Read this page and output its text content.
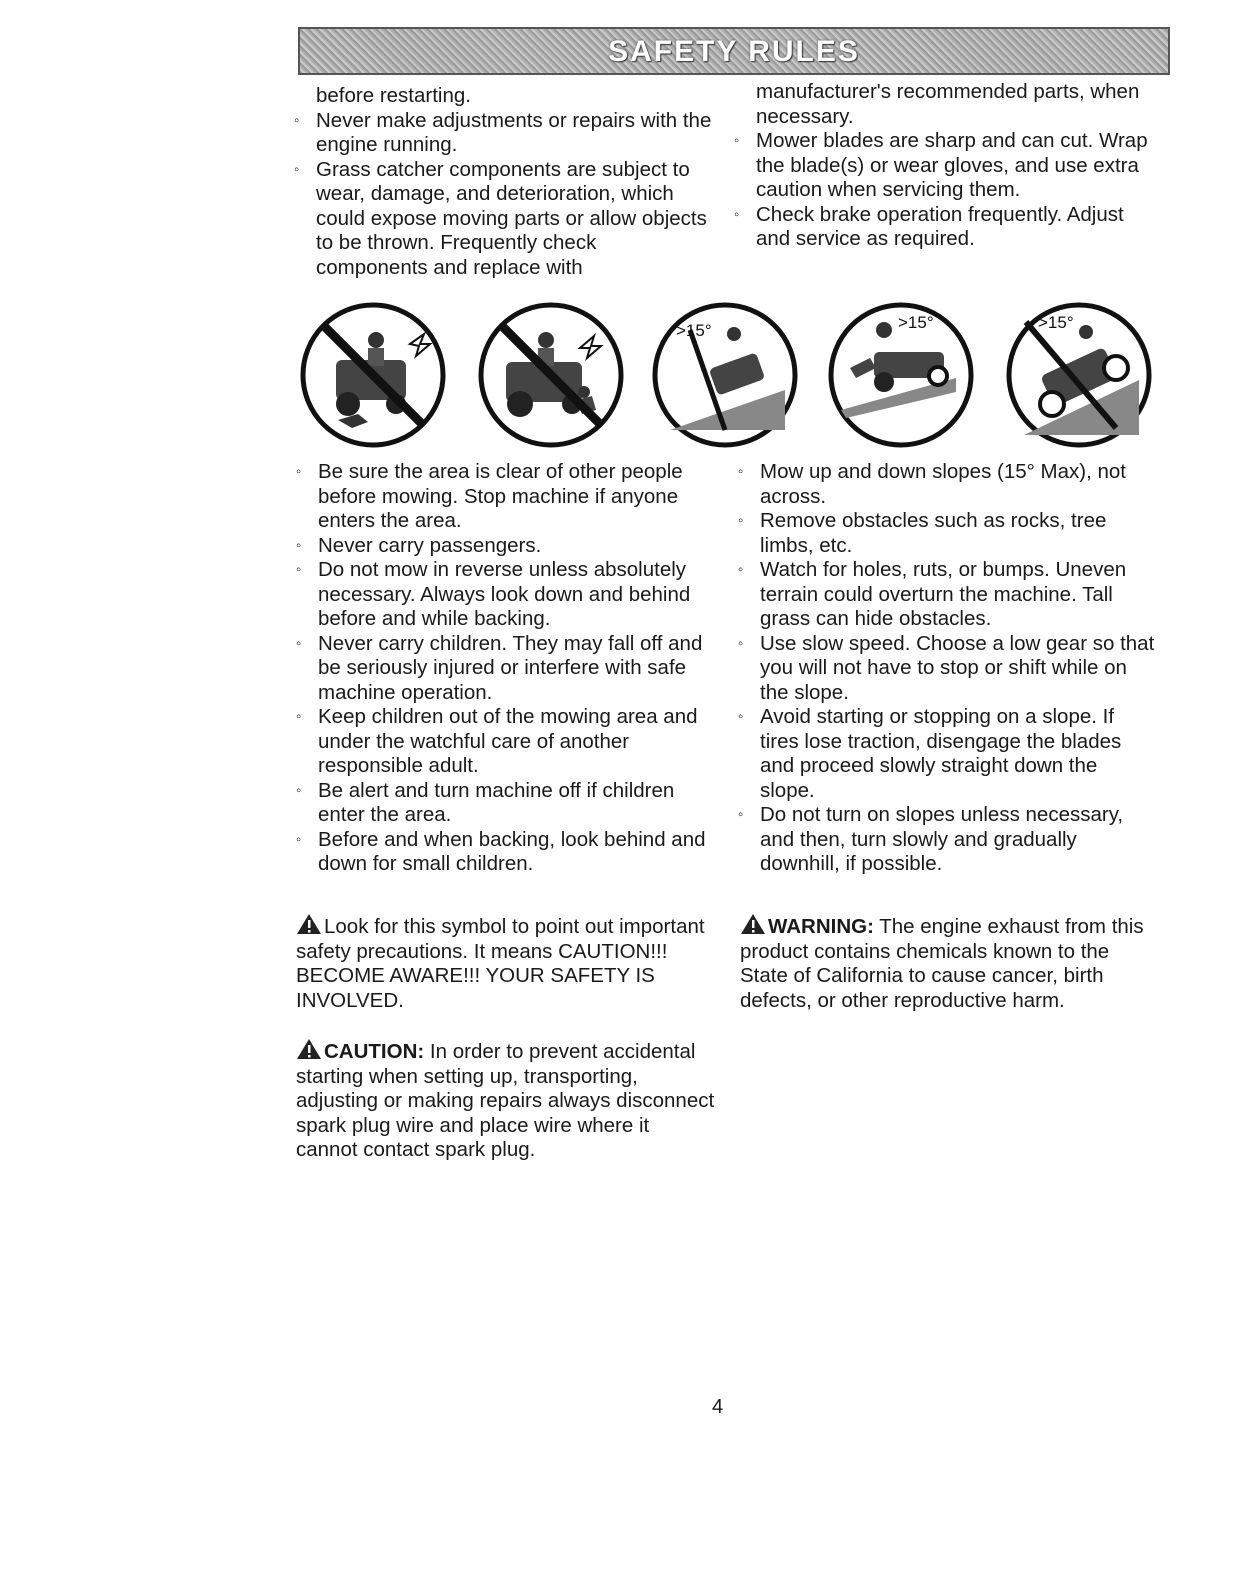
SAFETY RULES

before restarting.

◦ Never make adjustments or repairs with the engine running.

◦ Grass catcher components are subject to wear, damage, and deterioration, which could expose moving parts or allow objects to be thrown. Frequently check components and replace with

manufacturer's recommended parts, when necessary.

◦ Mower blades are sharp and can cut. Wrap the blade(s) or wear gloves, and use extra caution when servicing them.

◦ Check brake operation frequently. Adjust and service as required.

>15°	>15°	>15°

◦ Be sure the area is clear of other people before mowing. Stop machine if anyone enters the area.

◦ Never carry passengers.

◦ Do not mow in reverse unless absolutely necessary. Always look down and behind before and while backing.

◦ Never carry children. They may fall off and be seriously injured or interfere with safe machine operation.

◦ Keep children out of the mowing area and under the watchful care of another responsible adult.

◦ Be alert and turn machine off if children enter the area.

◦ Before and when backing, look behind and down for small children.

◦ Mow up and down slopes (15° Max), not across.

◦ Remove obstacles such as rocks, tree limbs, etc.

◦ Watch for holes, ruts, or bumps. Uneven terrain could overturn the machine. Tall grass can hide obstacles.

◦ Use slow speed. Choose a low gear so that you will not have to stop or shift while on the slope.

◦ Avoid starting or stopping on a slope. If tires lose traction, disengage the blades and proceed slowly straight down the slope.

◦ Do not turn on slopes unless necessary, and then, turn slowly and gradually downhill, if possible.

Look for this symbol to point out important safety precautions. It means CAUTION!!! BECOME AWARE!!! YOUR SAFETY IS INVOLVED.
CAUTION: In order to prevent accidental starting when setting up, transporting, adjusting or making repairs always disconnect spark plug wire and place wire where it cannot contact spark plug.
WARNING: The engine exhaust from this product contains chemicals known to the State of California to cause cancer, birth defects, or other reproductive harm.
4
